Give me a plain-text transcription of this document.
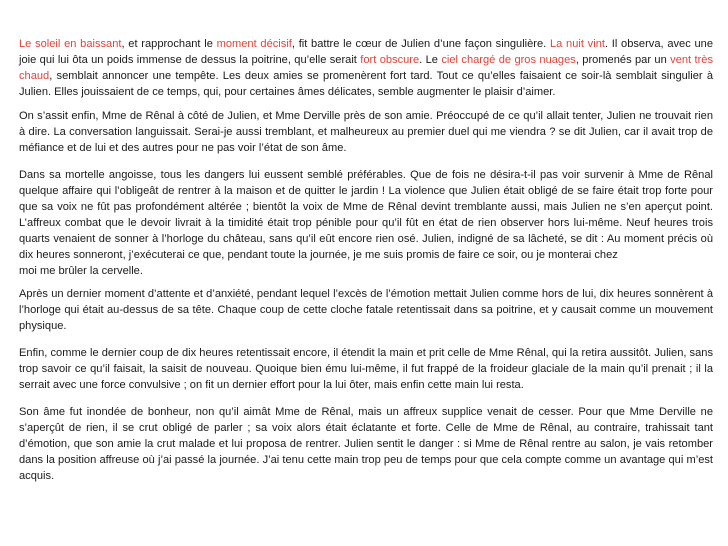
Le soleil en baissant, et rapprochant le moment décisif, fit battre le cœur de Julien d’une façon singulière. La nuit vint. Il observa, avec une joie qui lui ôta un poids immense de dessus la poitrine, qu’elle serait fort obscure. Le ciel chargé de gros nuages, promenés par un vent très chaud, semblait annoncer une tempête. Les deux amies se promenèrent fort tard. Tout ce qu’elles faisaient ce soir-là semblait singulier à Julien. Elles jouissaient de ce temps, qui, pour certaines âmes délicates, semble augmenter le plaisir d’aimer.

On s’assit enfin, Mme de Rênal à côté de Julien, et Mme Derville près de son amie. Préoccupé de ce qu’il allait tenter, Julien ne trouvait rien à dire. La conversation languissait. Serai-je aussi tremblant, et malheureux au premier duel qui me viendra ? se dit Julien, car il avait trop de méfiance et de lui et des autres pour ne pas voir l’état de son âme.

Dans sa mortelle angoisse, tous les dangers lui eussent semblé préférables. Que de fois ne désira-t-il pas voir survenir à Mme de Rênal quelque affaire qui l’obligeât de rentrer à la maison et de quitter le jardin ! La violence que Julien était obligé de se faire était trop forte pour que sa voix ne fût pas profondément altérée ; bientôt la voix de Mme de Rênal devint tremblante aussi, mais Julien ne s’en aperçut point. L’affreux combat que le devoir livrait à la timidité était trop pénible pour qu’il fût en état de rien observer hors lui-même. Neuf heures trois quarts venaient de sonner à l’horloge du château, sans qu’il eût encore rien osé. Julien, indigné de sa lâcheté, se dit : Au moment précis où dix heures sonneront, j’exécuterai ce que, pendant toute la journée, je me suis promis de faire ce soir, ou je monterai chez
moi me brûler la cervelle.

Après un dernier moment d’attente et d’anxiété, pendant lequel l’excès de l’émotion mettait Julien comme hors de lui, dix heures sonnèrent à l’horloge qui était au-dessus de sa tête. Chaque coup de cette cloche fatale retentissait dans sa poitrine, et y causait comme un mouvement physique.

Enfin, comme le dernier coup de dix heures retentissait encore, il étendit la main et prit celle de Mme Rênal, qui la retira aussitôt. Julien, sans trop savoir ce qu’il faisait, la saisit de nouveau. Quoique bien ému lui-même, il fut frappé de la froideur glaciale de la main qu’il prenait ; il la serrait avec une force convulsive ; on fit un dernier effort pour la lui ôter, mais enfin cette main lui resta.

Son âme fut inondée de bonheur, non qu’il aimât Mme de Rênal, mais un affreux supplice venait de cesser. Pour que Mme Derville ne s’aperçût de rien, il se crut obligé de parler ; sa voix alors était éclatante et forte. Celle de Mme de Rênal, au contraire, trahissait tant d’émotion, que son amie la crut malade et lui proposa de rentrer. Julien sentit le danger : si Mme de Rênal rentre au salon, je vais retomber dans la position affreuse où j’ai passé la journée. J’ai tenu cette main trop peu de temps pour que cela compte comme un avantage qui m’est acquis.
